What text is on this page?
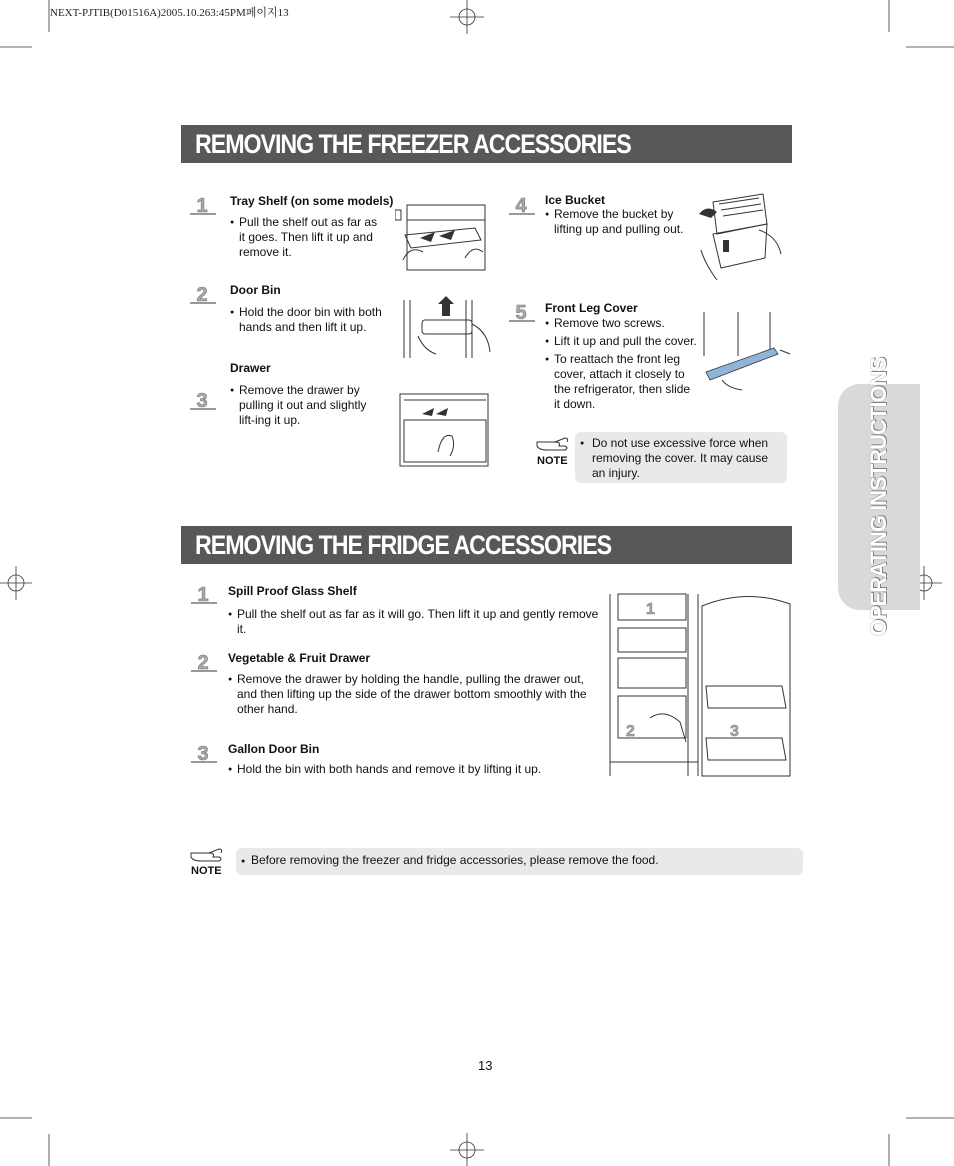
NEXT-PJTIB(D01516A)2005.10.263:45PM페이지13
OPERATING INSTRUCTIONS
REMOVING THE FREEZER ACCESSORIES
1 Tray Shelf (on some models)
● Pull the shelf out as far as it goes. Then lift it up and remove it.
2 Door Bin
● Hold the door bin with both hands and then lift it up.
Drawer
3
●	Remove the drawer by pulling it out and slightly lift-ing it up.
4 Ice Bucket
● Remove the bucket by lifting up and pulling out.
5 Front Leg Cover
● Remove two screws.
● Lift it up and pull the cover.
● To reattach the front leg cover, attach it closely to the refrigerator, then slide it down.
NOTE
● Do not use excessive force when removing the cover. It may cause an injury.
REMOVING THE FRIDGE ACCESSORIES
1 Spill Proof Glass Shelf
● Pull the shelf out as far as it will go. Then lift it up and gently remove it.
2 Vegetable & Fruit Drawer
● Remove the drawer by holding the handle, pulling the drawer out, and then lifting up the side of the drawer bottom smoothly with the other hand.
3 Gallon Door Bin
● Hold the bin with both hands and remove it by lifting it up.
1
2	3
NOTE
● Before removing the freezer and fridge accessories, please remove the food.
13
